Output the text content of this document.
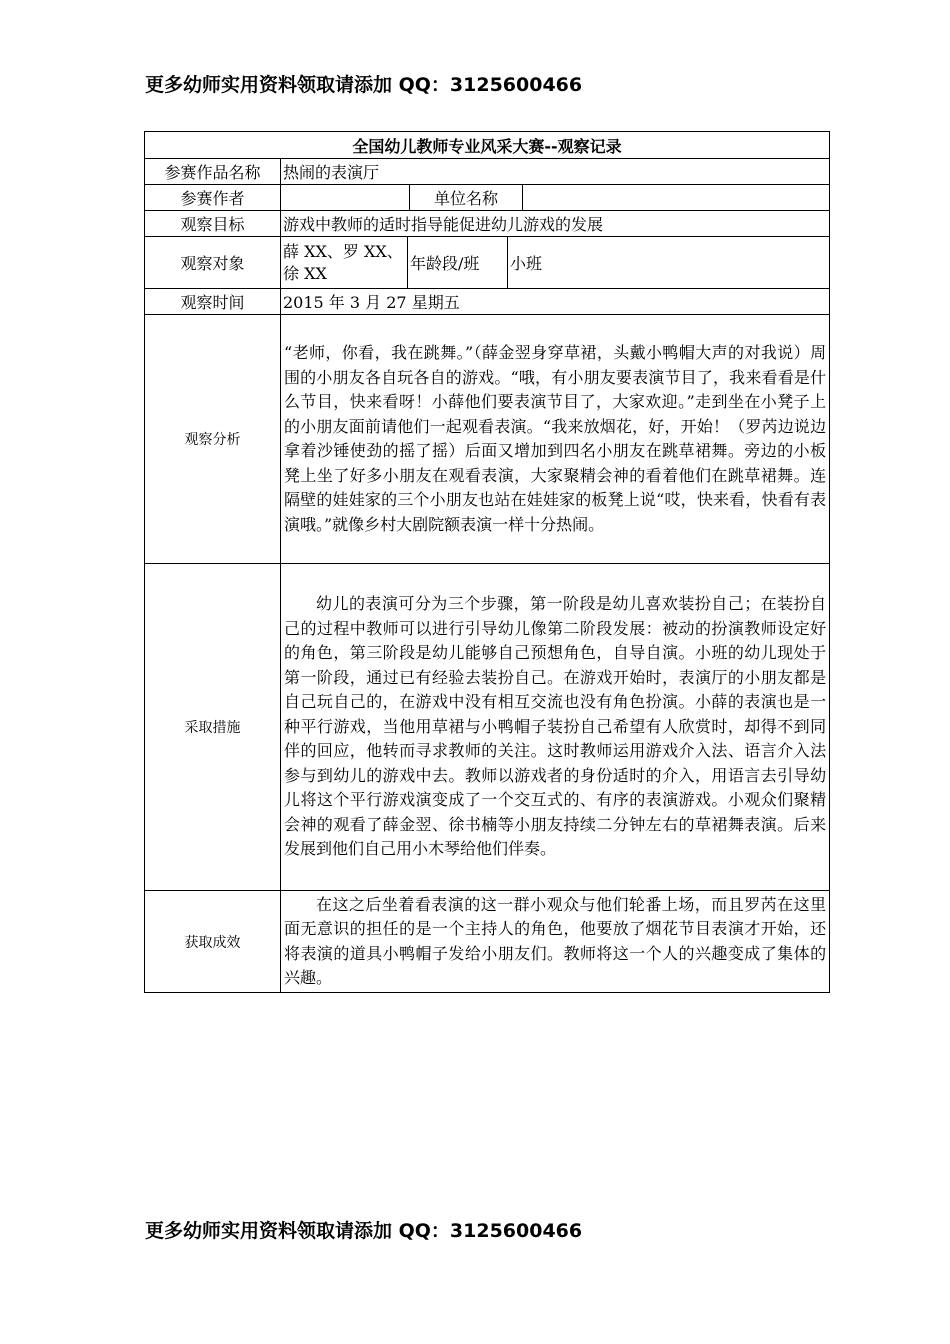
更多幼师实用资料领取请添加 QQ：3125600466
全国幼儿教师专业风采大赛--观察记录					
参赛作品名称	热闹的表演厅				
参赛作者			单位名称		
观察目标	游戏中教师的适时指导能促进幼儿游戏的发展				
观察对象	薛 XX、罗 XX、徐 XX	年龄段/班		小班	
观察时间	2015 年 3 月 27 星期五				
观察分析	“老师，你看，我在跳舞。”（薛金翌身穿草裙，头戴小鸭帽大声的对我说）周围的小朋友各自玩各自的游戏。“哦，有小朋友要表演节目了，我来看看是什么节目，快来看呀！小薛他们要表演节目了，大家欢迎。”走到坐在小凳子上的小朋友面前请他们一起观看表演。“我来放烟花，好，开始！（罗芮边说边拿着沙锤使劲的摇了摇）后面又增加到四名小朋友在跳草裙舞。旁边的小板凳上坐了好多小朋友在观看表演，大家聚精会神的看着他们在跳草裙舞。连隔壁的娃娃家的三个小朋友也站在娃娃家的板凳上说“哎，快来看，快看有表演哦。”就像乡村大剧院额表演一样十分热闹。				
采取措施	幼儿的表演可分为三个步骤，第一阶段是幼儿喜欢装扮自己；在装扮自己的过程中教师可以进行引导幼儿像第二阶段发展：被动的扮演教师设定好的角色，第三阶段是幼儿能够自己预想角色，自导自演。小班的幼儿现处于第一阶段，通过已有经验去装扮自己。在游戏开始时，表演厅的小朋友都是自己玩自己的，在游戏中没有相互交流也没有角色扮演。小薛的表演也是一种平行游戏，当他用草裙与小鸭帽子装扮自己希望有人欣赏时，却得不到同伴的回应，他转而寻求教师的关注。这时教师运用游戏介入法、语言介入法参与到幼儿的游戏中去。教师以游戏者的身份适时的介入，用语言去引导幼儿将这个平行游戏演变成了一个交互式的、有序的表演游戏。小观众们聚精会神的观看了薛金翌、徐书楠等小朋友持续二分钟左右的草裙舞表演。后来发展到他们自己用小木琴给他们伴奏。				
获取成效	在这之后坐着看表演的这一群小观众与他们轮番上场，而且罗芮在这里面无意识的担任的是一个主持人的角色，他要放了烟花节目表演才开始，还将表演的道具小鸭帽子发给小朋友们。教师将这一个人的兴趣变成了集体的兴趣。				
更多幼师实用资料领取请添加 QQ：3125600466
